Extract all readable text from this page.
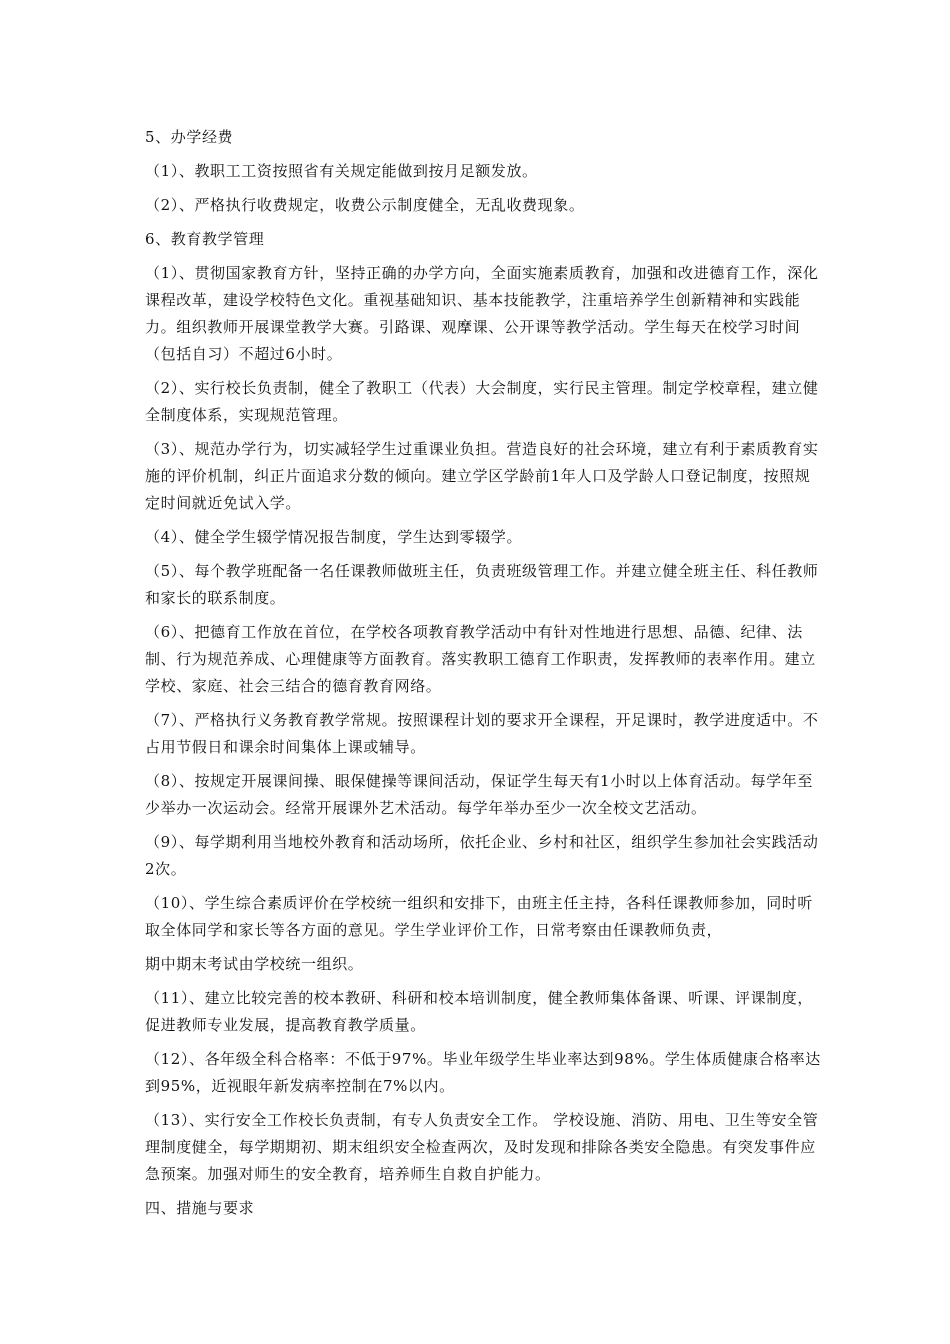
5、办学经费

（1）、教职工工资按照省有关规定能做到按月足额发放。

（2）、严格执行收费规定，收费公示制度健全，无乱收费现象。

6、教育教学管理

（1）、贯彻国家教育方针，坚持正确的办学方向，全面实施素质教育，加强和改进德育工作，深化课程改革，建设学校特色文化。重视基础知识、基本技能教学，注重培养学生创新精神和实践能力。组织教师开展课堂教学大赛。引路课、观摩课、公开课等教学活动。学生每天在校学习时间（包括自习）不超过6小时。

（2）、实行校长负责制，健全了教职工（代表）大会制度，实行民主管理。制定学校章程，建立健全制度体系，实现规范管理。

（3）、规范办学行为，切实减轻学生过重课业负担。营造良好的社会环境，建立有利于素质教育实施的评价机制，纠正片面追求分数的倾向。建立学区学龄前1年人口及学龄人口登记制度，按照规定时间就近免试入学。

（4）、健全学生辍学情况报告制度，学生达到零辍学。

（5）、每个教学班配备一名任课教师做班主任，负责班级管理工作。并建立健全班主任、科任教师和家长的联系制度。

（6）、把德育工作放在首位，在学校各项教育教学活动中有针对性地进行思想、品德、纪律、法制、行为规范养成、心理健康等方面教育。落实教职工德育工作职责，发挥教师的表率作用。建立学校、家庭、社会三结合的德育教育网络。

（7）、严格执行义务教育教学常规。按照课程计划的要求开全课程，开足课时，教学进度适中。不占用节假日和课余时间集体上课或辅导。

（8）、按规定开展课间操、眼保健操等课间活动，保证学生每天有1小时以上体育活动。每学年至少举办一次运动会。经常开展课外艺术活动。每学年举办至少一次全校文艺活动。

（9）、每学期利用当地校外教育和活动场所，依托企业、乡村和社区，组织学生参加社会实践活动2次。

（10）、学生综合素质评价在学校统一组织和安排下，由班主任主持，各科任课教师参加，同时听取全体同学和家长等各方面的意见。学生学业评价工作，日常考察由任课教师负责，

期中期末考试由学校统一组织。

（11）、建立比较完善的校本教研、科研和校本培训制度，健全教师集体备课、听课、评课制度，促进教师专业发展，提高教育教学质量。

（12）、各年级全科合格率：不低于97%。毕业年级学生毕业率达到98%。学生体质健康合格率达到95%，近视眼年新发病率控制在7%以内。

（13）、实行安全工作校长负责制，有专人负责安全工作。 学校设施、消防、用电、卫生等安全管理制度健全，每学期期初、期末组织安全检查两次，及时发现和排除各类安全隐患。有突发事件应急预案。加强对师生的安全教育，培养师生自救自护能力。

四、措施与要求
